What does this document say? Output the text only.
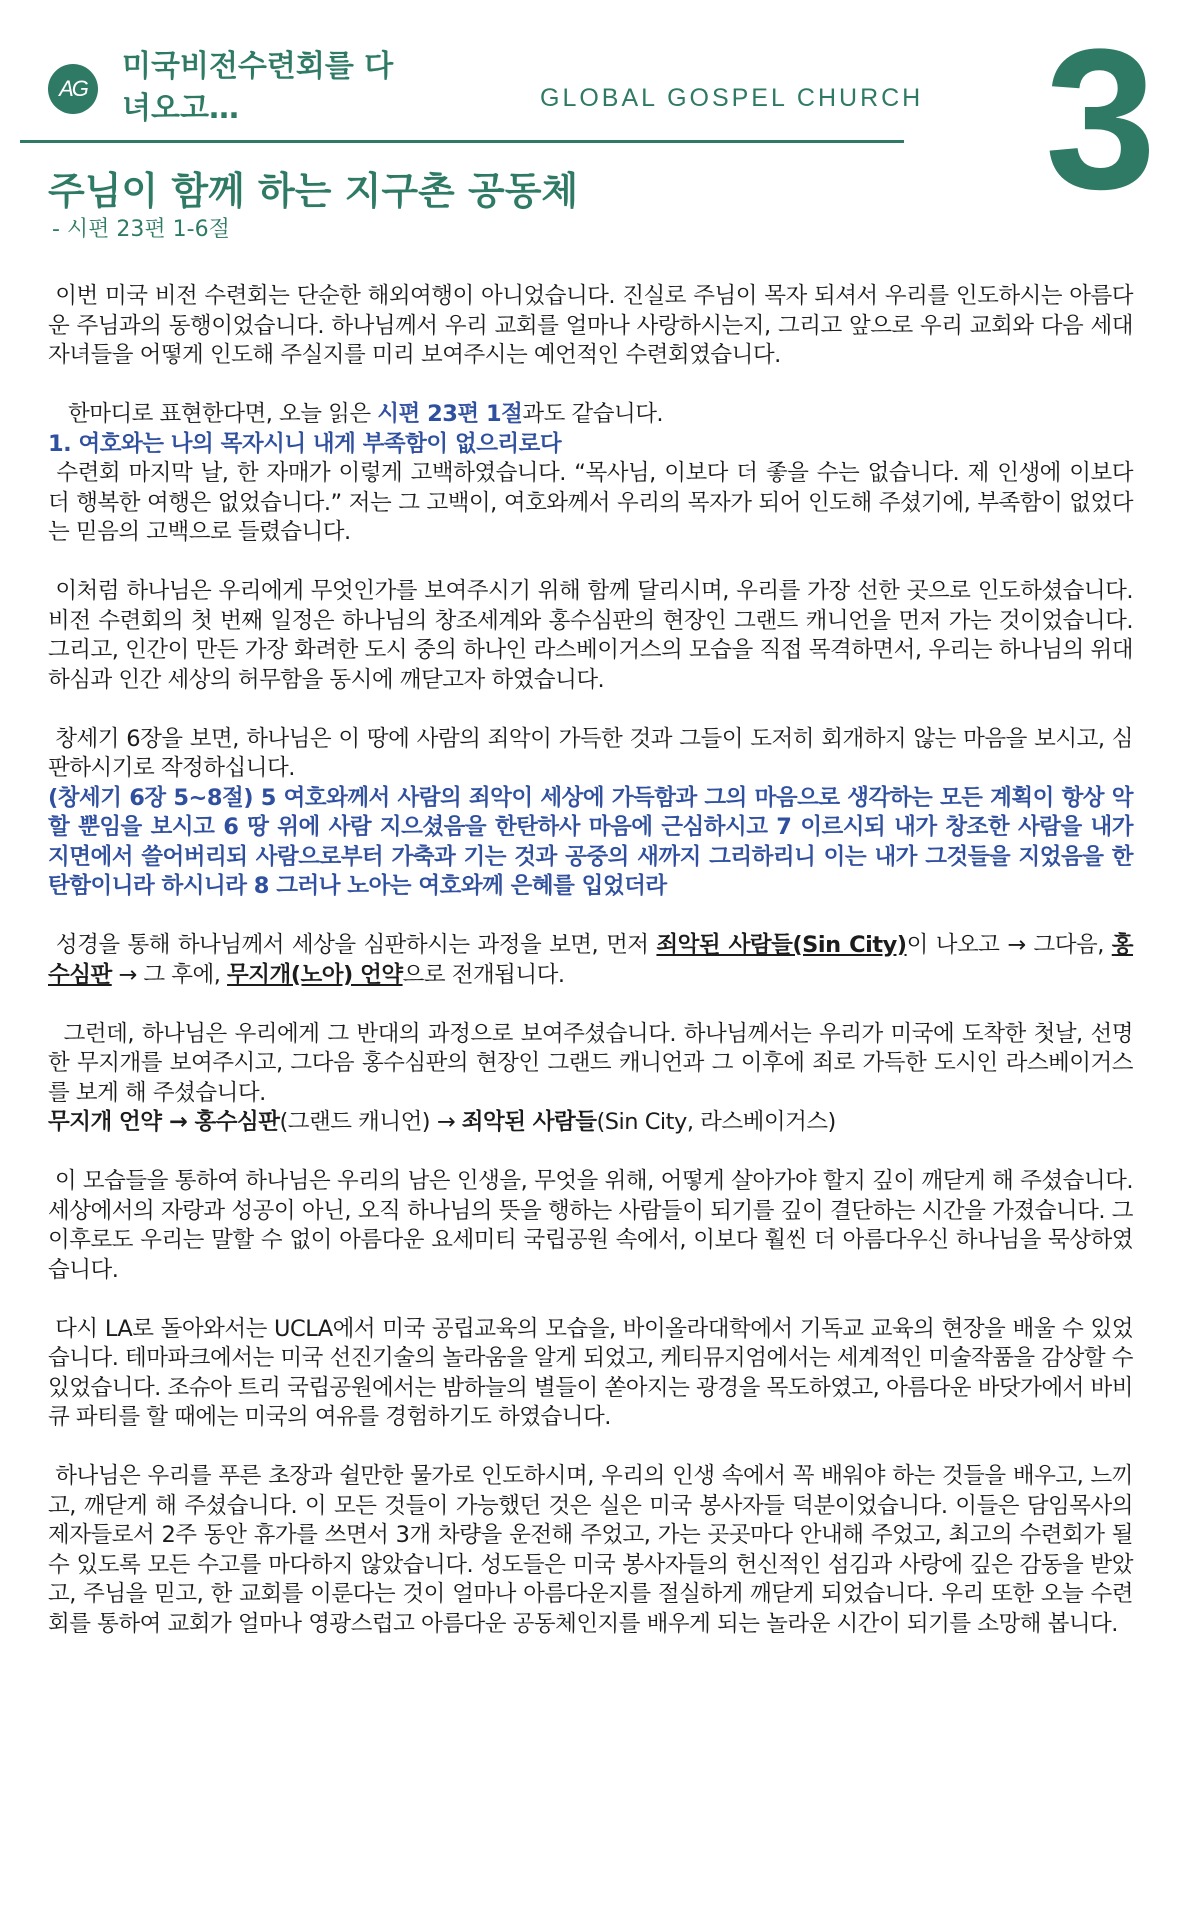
AG
미국비전수련회를 다녀오고…	GLOBAL GOSPEL CHURCH 3
주님이 함께 하는 지구촌 공동체
- 시편 23편 1-6절

이번 미국 비전 수련회는 단순한 해외여행이 아니었습니다. 진실로 주님이 목자 되셔서 우리를 인도하시는 아름다운 주님과의 동행이었습니다. 하나님께서 우리 교회를 얼마나 사랑하시는지, 그리고 앞으로 우리 교회와 다음 세대 자녀들을 어떻게 인도해 주실지를 미리 보여주시는 예언적인 수련회였습니다.

한마디로 표현한다면, 오늘 읽은 시편 23편 1절과도 같습니다.

1. 여호와는 나의 목자시니 내게 부족함이 없으리로다

수련회 마지막 날, 한 자매가 이렇게 고백하였습니다. “목사님, 이보다 더 좋을 수는 없습니다. 제 인생에 이보다 더 행복한 여행은 없었습니다.” 저는 그 고백이, 여호와께서 우리의 목자가 되어 인도해 주셨기에, 부족함이 없었다는 믿음의 고백으로 들렸습니다.

이처럼 하나님은 우리에게 무엇인가를 보여주시기 위해 함께 달리시며, 우리를 가장 선한 곳으로 인도하셨습니다. 비전 수련회의 첫 번째 일정은 하나님의 창조세계와 홍수심판의 현장인 그랜드 캐니언을 먼저 가는 것이었습니다. 그리고, 인간이 만든 가장 화려한 도시 중의 하나인 라스베이거스의 모습을 직접 목격하면서, 우리는 하나님의 위대하심과 인간 세상의 허무함을 동시에 깨닫고자 하였습니다.

창세기 6장을 보면, 하나님은 이 땅에 사람의 죄악이 가득한 것과 그들이 도저히 회개하지 않는 마음을 보시고, 심판하시기로 작정하십니다.

(창세기 6장 5~8절) 5 여호와께서 사람의 죄악이 세상에 가득함과 그의 마음으로 생각하는 모든 계획이 항상 악할 뿐임을 보시고 6 땅 위에 사람 지으셨음을 한탄하사 마음에 근심하시고 7 이르시되 내가 창조한 사람을 내가 지면에서 쓸어버리되 사람으로부터 가축과 기는 것과 공중의 새까지 그리하리니 이는 내가 그것들을 지었음을 한탄함이니라 하시니라 8 그러나 노아는 여호와께 은혜를 입었더라

성경을 통해 하나님께서 세상을 심판하시는 과정을 보면, 먼저 죄악된 사람들(Sin City)이 나오고 → 그다음, 홍수심판 → 그 후에, 무지개(노아) 언약으로 전개됩니다.

그런데, 하나님은 우리에게 그 반대의 과정으로 보여주셨습니다. 하나님께서는 우리가 미국에 도착한 첫날, 선명한 무지개를 보여주시고, 그다음 홍수심판의 현장인 그랜드 캐니언과 그 이후에 죄로 가득한 도시인 라스베이거스를 보게 해 주셨습니다.

무지개 언약 → 홍수심판(그랜드 캐니언) → 죄악된 사람들(Sin City, 라스베이거스)

이 모습들을 통하여 하나님은 우리의 남은 인생을, 무엇을 위해, 어떻게 살아가야 할지 깊이 깨닫게 해 주셨습니다. 세상에서의 자랑과 성공이 아닌, 오직 하나님의 뜻을 행하는 사람들이 되기를 깊이 결단하는 시간을 가졌습니다. 그 이후로도 우리는 말할 수 없이 아름다운 요세미티 국립공원 속에서, 이보다 훨씬 더 아름다우신 하나님을 묵상하였습니다.

다시 LA로 돌아와서는 UCLA에서 미국 공립교육의 모습을, 바이올라대학에서 기독교 교육의 현장을 배울 수 있었습니다. 테마파크에서는 미국 선진기술의 놀라움을 알게 되었고, 케티뮤지엄에서는 세계적인 미술작품을 감상할 수 있었습니다. 조슈아 트리 국립공원에서는 밤하늘의 별들이 쏟아지는 광경을 목도하였고, 아름다운 바닷가에서 바비큐 파티를 할 때에는 미국의 여유를 경험하기도 하였습니다.

하나님은 우리를 푸른 초장과 쉴만한 물가로 인도하시며, 우리의 인생 속에서 꼭 배워야 하는 것들을 배우고, 느끼고, 깨닫게 해 주셨습니다. 이 모든 것들이 가능했던 것은 실은 미국 봉사자들 덕분이었습니다. 이들은 담임목사의 제자들로서 2주 동안 휴가를 쓰면서 3개 차량을 운전해 주었고, 가는 곳곳마다 안내해 주었고, 최고의 수련회가 될 수 있도록 모든 수고를 마다하지 않았습니다. 성도들은 미국 봉사자들의 헌신적인 섬김과 사랑에 깊은 감동을 받았고, 주님을 믿고, 한 교회를 이룬다는 것이 얼마나 아름다운지를 절실하게 깨닫게 되었습니다. 우리 또한 오늘 수련회를 통하여 교회가 얼마나 영광스럽고 아름다운 공동체인지를 배우게 되는 놀라운 시간이 되기를 소망해 봅니다.
